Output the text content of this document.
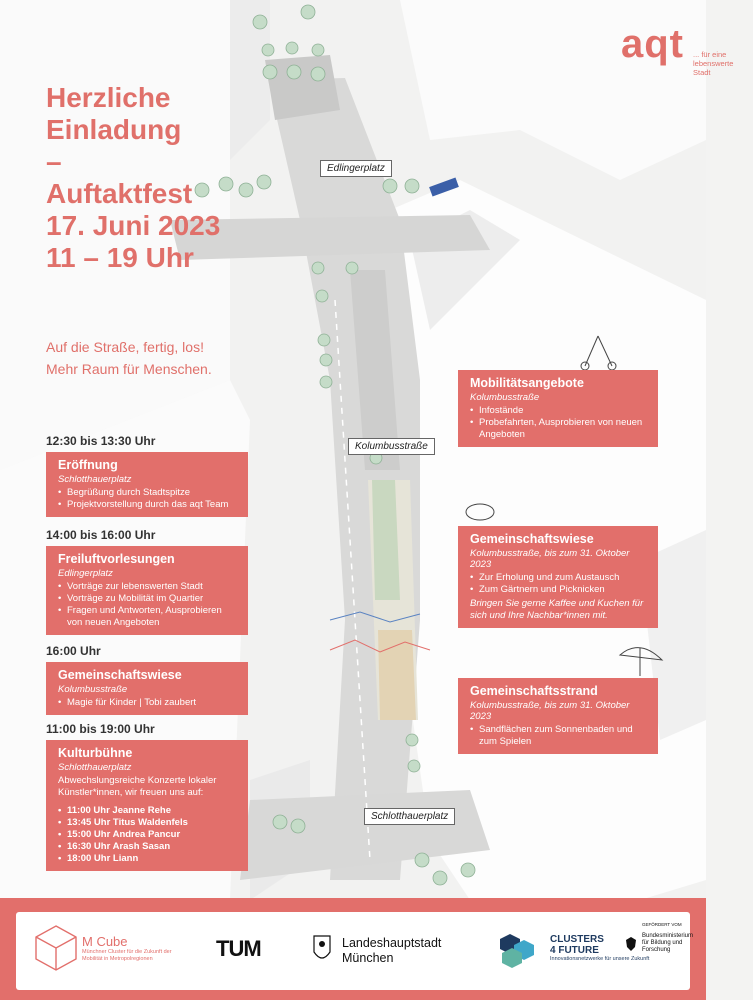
aqt ... für eine lebenswerte Stadt
Herzliche
Einladung
–
Auftaktfest
17. Juni 2023
11 – 19 Uhr
Auf die Straße, fertig, los!
Mehr Raum für Menschen.
12:30 bis 13:30 Uhr
Eröffnung
Schlotthauerplatz
• Begrüßung durch Stadtspitze
• Projektvorstellung durch das aqt Team
14:00 bis 16:00 Uhr
Freiluftvorlesungen
Edlingerplatz
• Vorträge zur lebenswerten Stadt
• Vorträge zu Mobilität im Quartier
• Fragen und Antworten, Ausprobieren von neuen Angeboten
16:00 Uhr
Gemeinschaftswiese
Kolumbusstraße
• Magie für Kinder | Tobi zaubert
11:00 bis 19:00 Uhr
Kulturbühne
Schlotthauerplatz

Abwechslungsreiche Konzerte lokaler Künstler*innen, wir freuen uns auf:

• 11:00 Uhr Jeanne Rehe
• 13:45 Uhr Titus Waldenfels
• 15:00 Uhr Andrea Pancur
• 16:30 Uhr Arash Sasan
• 18:00 Uhr Liann
Mobilitätsangebote
Kolumbusstraße
• Infostände
• Probefahrten, Ausprobieren von neuen Angeboten
Gemeinschaftswiese
Kolumbusstraße, bis zum 31. Oktober 2023
• Zur Erholung und zum Austausch
• Zum Gärtnern und Picknicken

Bringen Sie gerne Kaffee und Kuchen für sich und Ihre Nachbar*innen mit.

Gemeinschaftsstrand
Kolumbusstraße, bis zum 31. Oktober 2023
• Sandflächen zum Sonnenbaden und zum Spielen
Edlingerplatz
Kolumbusstraße
Schlotthauerplatz
M Cube
Münchner Cluster für die Zukunft der Mobilität in Metropolregionen	TUM	Landeshauptstadt
München
CLUSTERS
4 FUTURE
Innovationsnetzwerke für unsere Zukunft
GEFÖRDERT VOM
Bundesministerium für Bildung und Forschung
